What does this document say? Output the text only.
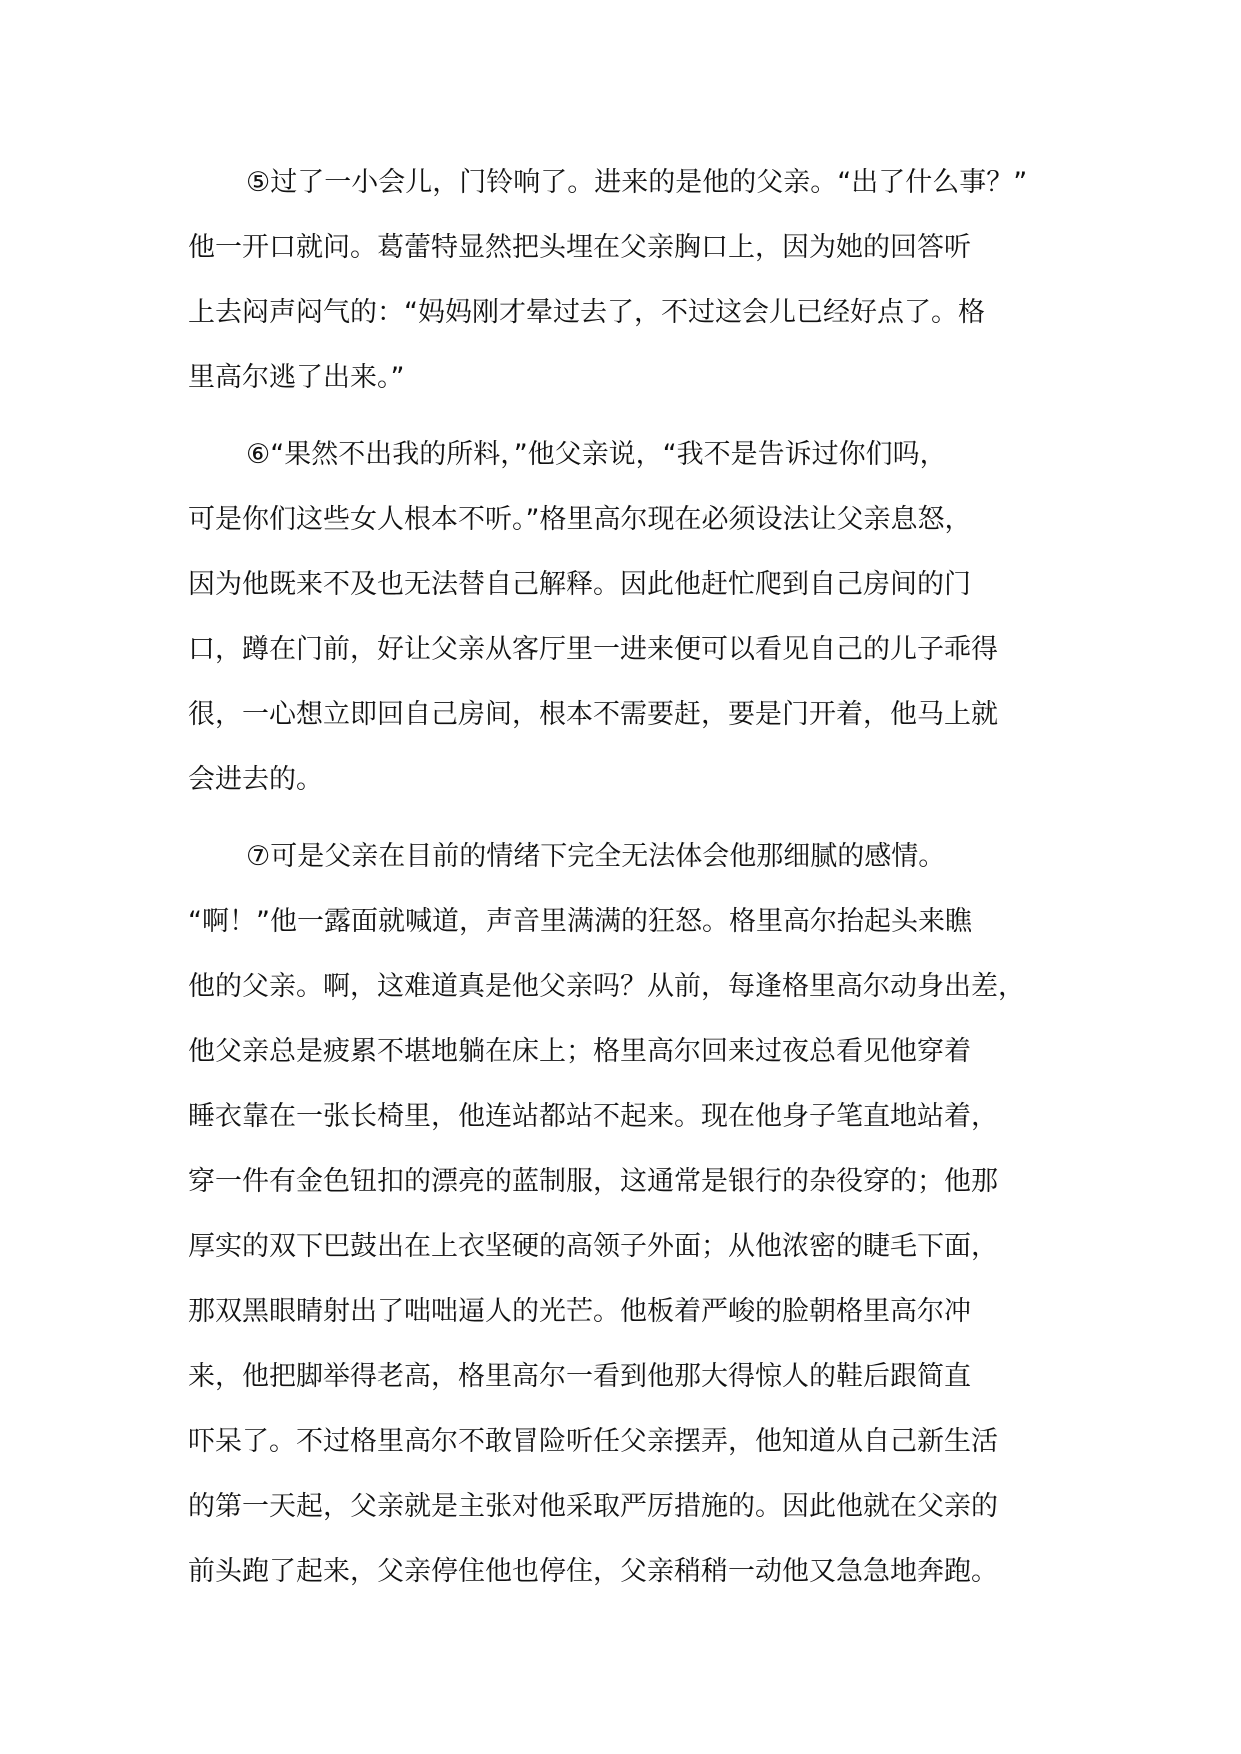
⑤过了一小会儿，门铃响了。进来的是他的父亲。“出了什么事？”
他一开口就问。葛蕾特显然把头埋在父亲胸口上，因为她的回答听
上去闷声闷气的：“妈妈刚才晕过去了，不过这会儿已经好点了。格
里高尔逃了出来。”

⑥“果然不出我的所料，”他父亲说，“我不是告诉过你们吗，
可是你们这些女人根本不听。”格里高尔现在必须设法让父亲息怒，
因为他既来不及也无法替自己解释。因此他赶忙爬到自己房间的门
口，蹲在门前，好让父亲从客厅里一进来便可以看见自己的儿子乖得
很，一心想立即回自己房间，根本不需要赶，要是门开着，他马上就
会进去的。

⑦可是父亲在目前的情绪下完全无法体会他那细腻的感情。
“啊！”他一露面就喊道，声音里满满的狂怒。格里高尔抬起头来瞧
他的父亲。啊，这难道真是他父亲吗？从前，每逢格里高尔动身出差，
他父亲总是疲累不堪地躺在床上；格里高尔回来过夜总看见他穿着
睡衣靠在一张长椅里，他连站都站不起来。现在他身子笔直地站着，
穿一件有金色钮扣的漂亮的蓝制服，这通常是银行的杂役穿的；他那
厚实的双下巴鼓出在上衣坚硬的高领子外面；从他浓密的睫毛下面，
那双黑眼睛射出了咄咄逼人的光芒。他板着严峻的脸朝格里高尔冲
来，他把脚举得老高，格里高尔一看到他那大得惊人的鞋后跟简直
吓呆了。不过格里高尔不敢冒险听任父亲摆弄，他知道从自己新生活
的第一天起，父亲就是主张对他采取严厉措施的。因此他就在父亲的
前头跑了起来，父亲停住他也停住，父亲稍稍一动他又急急地奔跑。
